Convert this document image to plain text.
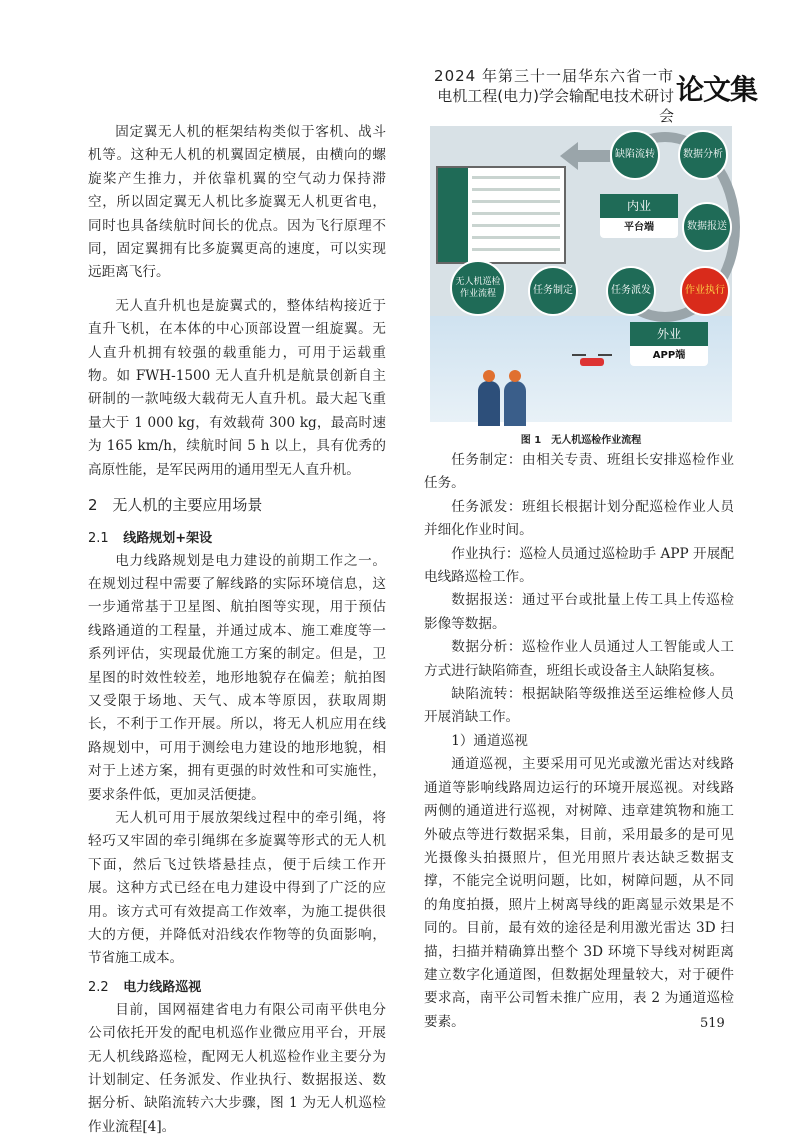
2024 年第三十一届华东六省一市
电机工程(电力)学会输配电技术研讨会
论文集

固定翼无人机的框架结构类似于客机、战斗机等。这种无人机的机翼固定横展，由横向的螺旋桨产生推力，并依靠机翼的空气动力保持滞空，所以固定翼无人机比多旋翼无人机更省电，同时也具备续航时间长的优点。因为飞行原理不同，固定翼拥有比多旋翼更高的速度，可以实现远距离飞行。

无人直升机也是旋翼式的，整体结构接近于直升飞机，在本体的中心顶部设置一组旋翼。无人直升机拥有较强的载重能力，可用于运载重物。如 FWH-1500 无人直升机是航景创新自主研制的一款吨级大载荷无人直升机。最大起飞重量大于 1 000 kg，有效载荷 300 kg，最高时速为 165 km/h，续航时间 5 h 以上，具有优秀的高原性能，是军民两用的通用型无人直升机。

2 无人机的主要应用场景
2.1 线路规划+架设

电力线路规划是电力建设的前期工作之一。在规划过程中需要了解线路的实际环境信息，这一步通常基于卫星图、航拍图等实现，用于预估线路通道的工程量，并通过成本、施工难度等一系列评估，实现最优施工方案的制定。但是，卫星图的时效性较差，地形地貌存在偏差；航拍图又受限于场地、天气、成本等原因，获取周期长，不利于工作开展。所以，将无人机应用在线路规划中，可用于测绘电力建设的地形地貌，相对于上述方案，拥有更强的时效性和可实施性，要求条件低，更加灵活便捷。

无人机可用于展放架线过程中的牵引绳，将轻巧又牢固的牵引绳绑在多旋翼等形式的无人机下面，然后飞过铁塔悬挂点，便于后续工作开展。这种方式已经在电力建设中得到了广泛的应用。该方式可有效提高工作效率，为施工提供很大的方便，并降低对沿线农作物等的负面影响，节省施工成本。

2.2 电力线路巡视

目前，国网福建省电力有限公司南平供电分公司依托开发的配电机巡作业微应用平台，开展无人机线路巡检，配网无人机巡检作业主要分为计划制定、任务派发、作业执行、数据报送、数据分析、缺陷流转六大步骤，图 1 为无人机巡检作业流程[4]。

缺陷流转	数据分析
数据报送
作业执行
任务派发
任务制定
无人机巡检作业流程
内业
平台端
外业
APP端
图 1　无人机巡检作业流程

任务制定：由相关专责、班组长安排巡检作业任务。

任务派发：班组长根据计划分配巡检作业人员并细化作业时间。

作业执行：巡检人员通过巡检助手 APP 开展配电线路巡检工作。

数据报送：通过平台或批量上传工具上传巡检影像等数据。

数据分析：巡检作业人员通过人工智能或人工方式进行缺陷筛查，班组长或设备主人缺陷复核。

缺陷流转：根据缺陷等级推送至运维检修人员开展消缺工作。

1）通道巡视

通道巡视，主要采用可见光或激光雷达对线路通道等影响线路周边运行的环境开展巡视。对线路两侧的通道进行巡视，对树障、违章建筑物和施工外破点等进行数据采集，目前，采用最多的是可见光摄像头拍摄照片，但光用照片表达缺乏数据支撑，不能完全说明问题，比如，树障问题，从不同的角度拍摄，照片上树离导线的距离显示效果是不同的。目前，最有效的途径是利用激光雷达 3D 扫描，扫描并精确算出整个 3D 环境下导线对树距离建立数字化通道图，但数据处理量较大，对于硬件要求高，南平公司暂未推广应用，表 2 为通道巡检要素。	519
